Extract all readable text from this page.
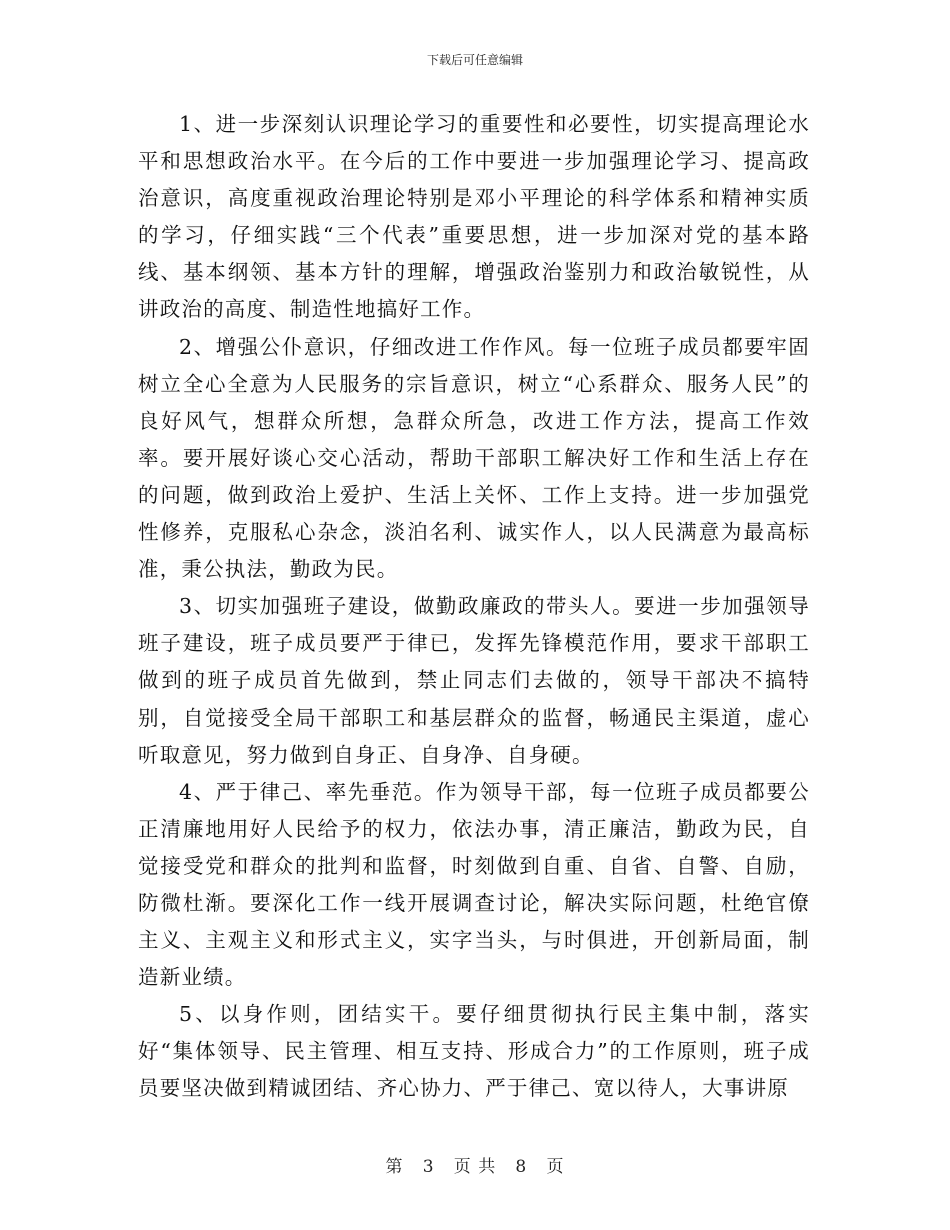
下载后可任意编辑

1、进一步深刻认识理论学习的重要性和必要性，切实提高理论水平和思想政治水平。在今后的工作中要进一步加强理论学习、提高政治意识，高度重视政治理论特别是邓小平理论的科学体系和精神实质的学习，仔细实践“三个代表”重要思想，进一步加深对党的基本路线、基本纲领、基本方针的理解，增强政治鉴别力和政治敏锐性，从讲政治的高度、制造性地搞好工作。

2、增强公仆意识，仔细改进工作作风。每一位班子成员都要牢固树立全心全意为人民服务的宗旨意识，树立“心系群众、服务人民”的良好风气，想群众所想，急群众所急，改进工作方法，提高工作效率。要开展好谈心交心活动，帮助干部职工解决好工作和生活上存在的问题，做到政治上爱护、生活上关怀、工作上支持。进一步加强党性修养，克服私心杂念，淡泊名利、诚实作人，以人民满意为最高标准，秉公执法，勤政为民。

3、切实加强班子建设，做勤政廉政的带头人。要进一步加强领导班子建设，班子成员要严于律已，发挥先锋模范作用，要求干部职工做到的班子成员首先做到，禁止同志们去做的，领导干部决不搞特别，自觉接受全局干部职工和基层群众的监督，畅通民主渠道，虚心听取意见，努力做到自身正、自身净、自身硬。

4、严于律己、率先垂范。作为领导干部，每一位班子成员都要公正清廉地用好人民给予的权力，依法办事，清正廉洁，勤政为民，自觉接受党和群众的批判和监督，时刻做到自重、自省、自警、自励，防微杜渐。要深化工作一线开展调查讨论，解决实际问题，杜绝官僚主义、主观主义和形式主义，实字当头，与时俱进，开创新局面，制造新业绩。

5、以身作则，团结实干。要仔细贯彻执行民主集中制，落实好“集体领导、民主管理、相互支持、形成合力”的工作原则，班子成员要坚决做到精诚团结、齐心协力、严于律己、宽以待人，大事讲原

第 3 页 共 8 页
